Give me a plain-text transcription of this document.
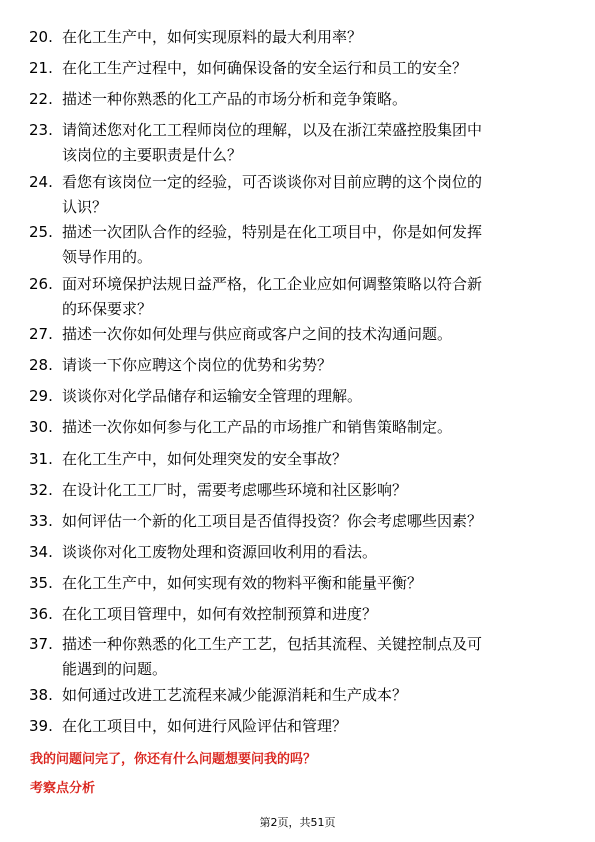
20. 在化工生产中，如何实现原料的最大利用率？
21. 在化工生产过程中，如何确保设备的安全运行和员工的安全？
22. 描述一种你熟悉的化工产品的市场分析和竞争策略。
23. 请简述您对化工工程师岗位的理解，以及在浙江荣盛控股集团中
该岗位的主要职责是什么？
24. 看您有该岗位一定的经验，可否谈谈你对目前应聘的这个岗位的
认识？
25. 描述一次团队合作的经验，特别是在化工项目中，你是如何发挥
领导作用的。
26. 面对环境保护法规日益严格，化工企业应如何调整策略以符合新
的环保要求？
27. 描述一次你如何处理与供应商或客户之间的技术沟通问题。
28. 请谈一下你应聘这个岗位的优势和劣势？
29. 谈谈你对化学品储存和运输安全管理的理解。
30. 描述一次你如何参与化工产品的市场推广和销售策略制定。
31. 在化工生产中，如何处理突发的安全事故？
32. 在设计化工工厂时，需要考虑哪些环境和社区影响？
33. 如何评估一个新的化工项目是否值得投资？你会考虑哪些因素？
34. 谈谈你对化工废物处理和资源回收利用的看法。
35. 在化工生产中，如何实现有效的物料平衡和能量平衡？
36. 在化工项目管理中，如何有效控制预算和进度？
37. 描述一种你熟悉的化工生产工艺，包括其流程、关键控制点及可
能遇到的问题。
38. 如何通过改进工艺流程来减少能源消耗和生产成本？
39. 在化工项目中，如何进行风险评估和管理？
我的问题问完了，你还有什么问题想要问我的吗？
考察点分析
第2页，共51页
